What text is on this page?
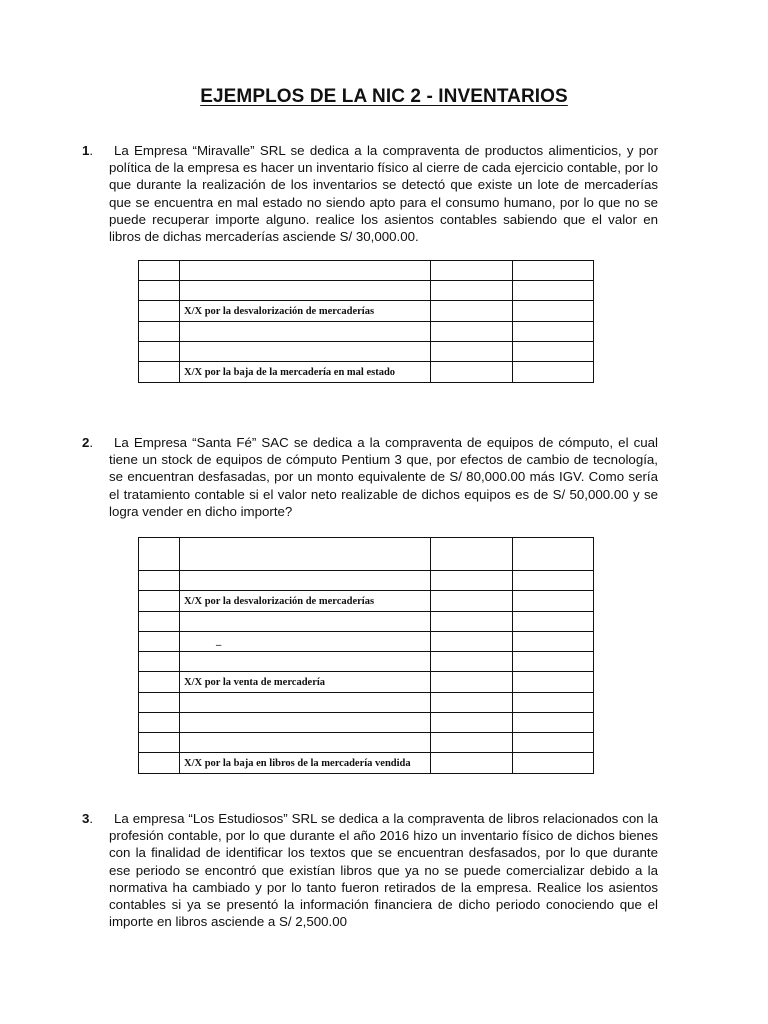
EJEMPLOS DE LA NIC 2 - INVENTARIOS
1.	La Empresa “Miravalle” SRL se dedica a la compraventa de productos alimenticios, y por política de la empresa es hacer un inventario físico al cierre de cada ejercicio contable, por lo que durante la realización de los inventarios se detectó que existe un lote de mercaderías que se encuentra en mal estado no siendo apto para el consumo humano, por lo que no se puede recuperar importe alguno. realice los asientos contables sabiendo que el valor en libros de dichas mercaderías asciende S/ 30,000.00.

	X/X por la desvalorización de mercaderías		

	X/X por la baja de la mercadería en mal estado		
2.	La Empresa “Santa Fé” SAC se dedica a la compraventa de equipos de cómputo, el cual tiene un stock de equipos de cómputo Pentium 3 que, por efectos de cambio de tecnología, se encuentran desfasadas, por un monto equivalente de S/ 80,000.00 más IGV. Como sería el tratamiento contable si el valor neto realizable de dichos equipos es de S/ 50,000.00 y se logra vender en dicho importe?

	X/X por la desvalorización de mercaderías		

	_		

	X/X por la venta de mercadería		

	X/X por la baja en libros de la mercadería vendida		
3.	La empresa “Los Estudiosos” SRL se dedica a la compraventa de libros relacionados con la profesión contable, por lo que durante el año 2016 hizo un inventario físico de dichos bienes con la finalidad de identificar los textos que se encuentran desfasados, por lo que durante ese periodo se encontró que existían libros que ya no se puede comercializar debido a la normativa ha cambiado y por lo tanto fueron retirados de la empresa. Realice los asientos contables si ya se presentó la información financiera de dicho periodo conociendo que el importe en libros asciende a S/ 2,500.00
